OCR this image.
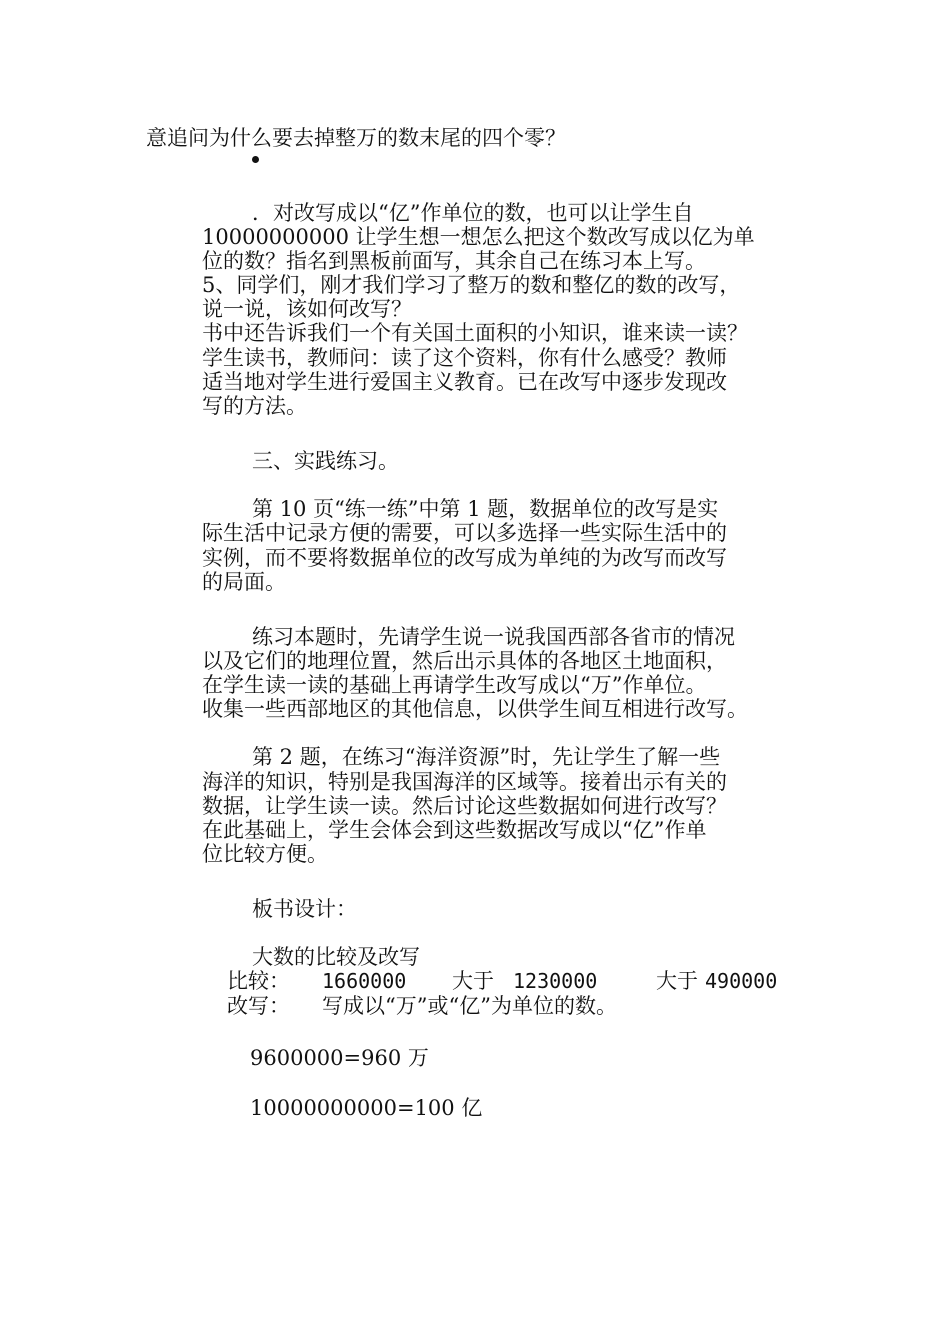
意追问为什么要去掉整万的数末尾的四个零？
．对改写成以“亿”作单位的数，也可以让学生自
10000000000 让学生想一想怎么把这个数改写成以亿为单
位的数？指名到黑板前面写，其余自己在练习本上写。
5、同学们，刚才我们学习了整万的数和整亿的数的改写，
说一说，该如何改写？
书中还告诉我们一个有关国土面积的小知识，谁来读一读？
学生读书，教师问：读了这个资料，你有什么感受？教师
适当地对学生进行爱国主义教育。已在改写中逐步发现改
写的方法。
三、实践练习。
第 10 页“练一练”中第 1 题，数据单位的改写是实
际生活中记录方便的需要，可以多选择一些实际生活中的
实例，而不要将数据单位的改写成为单纯的为改写而改写
的局面。
练习本题时，先请学生说一说我国西部各省市的情况
以及它们的地理位置，然后出示具体的各地区土地面积，
在学生读一读的基础上再请学生改写成以“万”作单位。
收集一些西部地区的其他信息，以供学生间互相进行改写。
第 2 题，在练习“海洋资源”时，先让学生了解一些
海洋的知识，特别是我国海洋的区域等。接着出示有关的
数据，让学生读一读。然后讨论这些数据如何进行改写？
在此基础上，学生会体会到这些数据改写成以“亿”作单
位比较方便。
板书设计：
大数的比较及改写
比较： 1660000 大于 1230000	大于 490000
改写： 写成以“万”或“亿”为单位的数。
9600000=960 万
10000000000=100 亿
